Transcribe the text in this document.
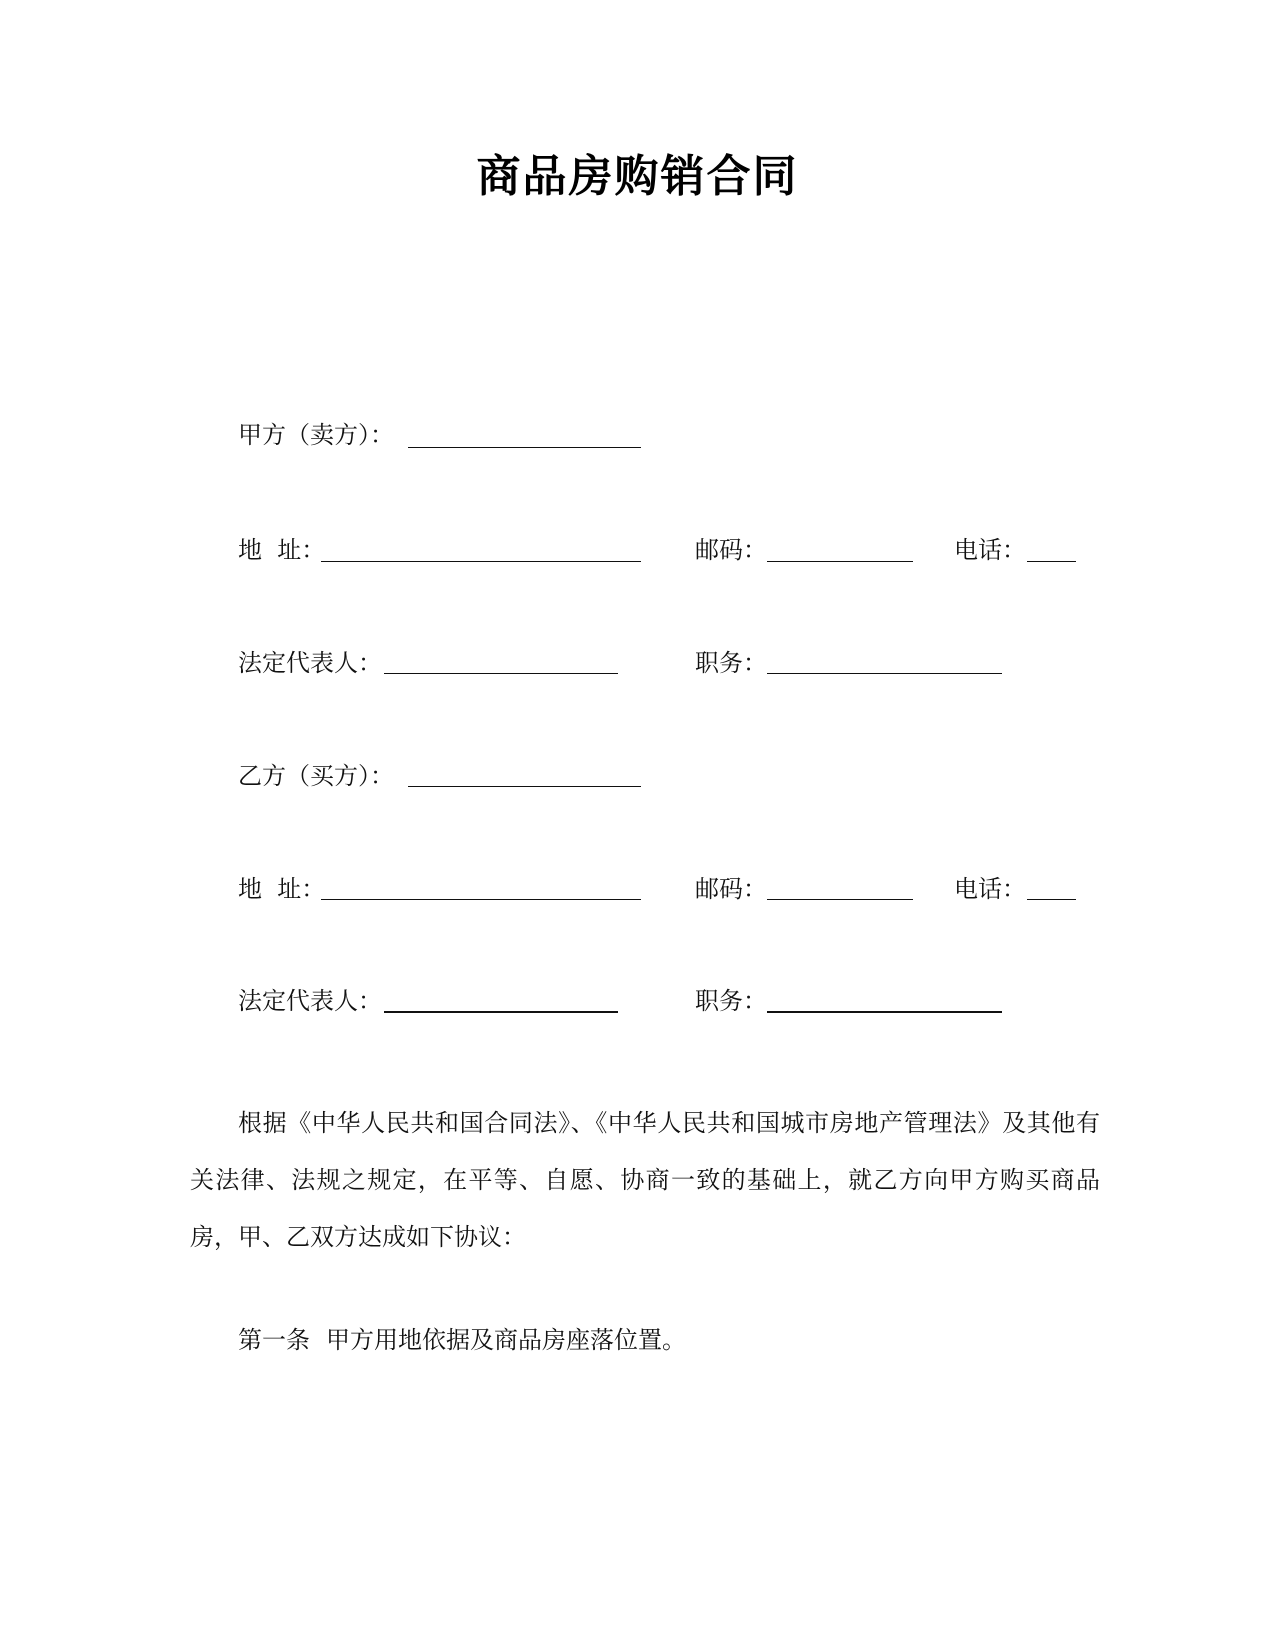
商品房购销合同
甲方（卖方）：
地  址：	邮码：	电话：
法定代表人：	职务：
乙方（买方）：
地  址：	邮码：	电话：
法定代表人：	职务：

根据《中华人民共和国合同法》、《中华人民共和国城市房地产管理法》及其他有关法律、法规之规定，在平等、自愿、协商一致的基础上，就乙方向甲方购买商品房，甲、乙双方达成如下协议：

第一条 甲方用地依据及商品房座落位置。
